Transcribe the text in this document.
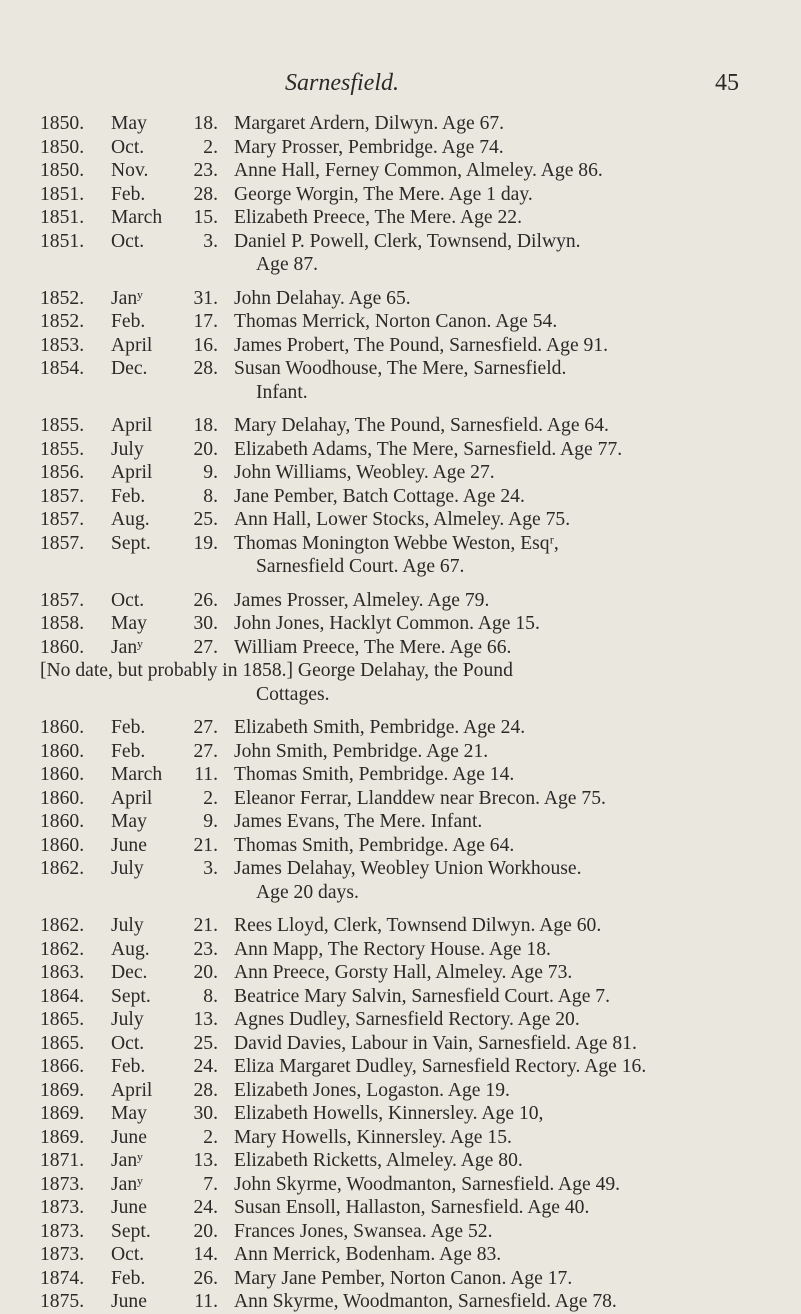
Sarnesfield.	45
1850. May 18. Margaret Ardern, Dilwyn. Age 67.
1850. Oct.	2. Mary Prosser, Pembridge. Age 74.
1850. Nov. 23. Anne Hall, Ferney Common, Almeley. Age 86.
1851. Feb. 28. George Worgin, The Mere. Age 1 day.
1851. March 15. Elizabeth Preece, The Mere. Age 22.
1851. Oct.	3. Daniel P. Powell, Clerk, Townsend, Dilwyn.
Age 87.
1852. Janʸ	31. John Delahay. Age 65.
1852. Feb. 17. Thomas Merrick, Norton Canon. Age 54.
1853. April 16. James Probert, The Pound, Sarnesfield. Age 91.
1854. Dec. 28. Susan Woodhouse, The Mere, Sarnesfield.
Infant.
1855. April 18. Mary Delahay, The Pound, Sarnesfield. Age 64.
1855. July	20. Elizabeth Adams, The Mere, Sarnesfield. Age 77.
1856. April	9. John Williams, Weobley. Age 27.
1857. Feb.	8. Jane Pember, Batch Cottage. Age 24.
1857. Aug. 25. Ann Hall, Lower Stocks, Almeley. Age 75.
1857. Sept. 19. Thomas Monington Webbe Weston, Esqʳ,
Sarnesfield Court. Age 67.
1857. Oct.	26. James Prosser, Almeley. Age 79.
1858. May 30. John Jones, Hacklyt Common. Age 15.
1860. Janʸ	27. William Preece, The Mere. Age 66.
[No date, but probably in 1858.] George Delahay, the Pound
Cottages.
1860. Feb. 27. Elizabeth Smith, Pembridge. Age 24.
1860. Feb. 27. John Smith, Pembridge. Age 21.
1860. March 11. Thomas Smith, Pembridge. Age 14.
1860. April	2. Eleanor Ferrar, Llanddew near Brecon. Age 75.
1860. May	9. James Evans, The Mere. Infant.
1860. June 21. Thomas Smith, Pembridge. Age 64.
1862. July	3. James Delahay, Weobley Union Workhouse.
Age 20 days.
1862. July	21. Rees Lloyd, Clerk, Townsend Dilwyn. Age 60.
1862. Aug. 23. Ann Mapp, The Rectory House. Age 18.
1863. Dec. 20. Ann Preece, Gorsty Hall, Almeley. Age 73.
1864. Sept.	8. Beatrice Mary Salvin, Sarnesfield Court. Age 7.
1865. July	13. Agnes Dudley, Sarnesfield Rectory. Age 20.
1865. Oct.	25. David Davies, Labour in Vain, Sarnesfield. Age 81.
1866. Feb. 24. Eliza Margaret Dudley, Sarnesfield Rectory. Age 16.
1869. April 28. Elizabeth Jones, Logaston. Age 19.
1869. May 30. Elizabeth Howells, Kinnersley. Age 10,
1869. June	2. Mary Howells, Kinnersley. Age 15.
1871. Janʸ	13. Elizabeth Ricketts, Almeley. Age 80.
1873. Janʸ	7. John Skyrme, Woodmanton, Sarnesfield. Age 49.
1873. June 24. Susan Ensoll, Hallaston, Sarnesfield. Age 40.
1873. Sept. 20. Frances Jones, Swansea. Age 52.
1873. Oct.	14. Ann Merrick, Bodenham. Age 83.
1874. Feb. 26. Mary Jane Pember, Norton Canon. Age 17.
1875. June 11. Ann Skyrme, Woodmanton, Sarnesfield. Age 78.
